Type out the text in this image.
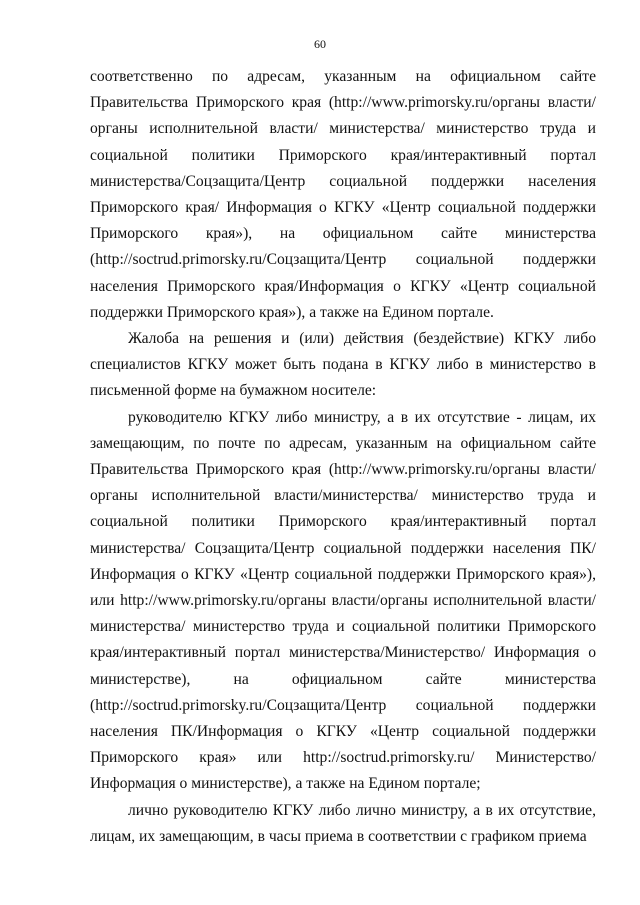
60

соответственно по адресам, указанным на официальном сайте Правительства Приморского края (http://www.primorsky.ru/органы власти/органы исполнительной власти/ министерства/ министерство труда и социальной политики Приморского края/интерактивный портал министерства/Соцзащита/Центр социальной поддержки населения Приморского края/ Информация о КГКУ «Центр социальной поддержки Приморского края»), на официальном сайте министерства (http://soctrud.primorsky.ru/Соцзащита/Центр социальной поддержки населения Приморского края/Информация о КГКУ «Центр социальной поддержки Приморского края»), а также на Едином портале.

Жалоба на решения и (или) действия (бездействие) КГКУ либо специалистов КГКУ может быть подана в КГКУ либо в министерство в письменной форме на бумажном носителе:

руководителю КГКУ либо министру, а в их отсутствие - лицам, их замещающим, по почте по адресам, указанным на официальном сайте Правительства Приморского края (http://www.primorsky.ru/органы власти/органы исполнительной власти/министерства/ министерство труда и социальной политики Приморского края/интерактивный портал министерства/ Соцзащита/Центр социальной поддержки населения ПК/Информация о КГКУ «Центр социальной поддержки Приморского края»), или http://www.primorsky.ru/органы власти/органы исполнительной власти/ министерства/ министерство труда и социальной политики Приморского края/интерактивный портал министерства/Министерство/ Информация о министерстве), на официальном сайте министерства (http://soctrud.primorsky.ru/Соцзащита/Центр социальной поддержки населения ПК/Информация о КГКУ «Центр социальной поддержки Приморского края» или http://soctrud.primorsky.ru/ Министерство/ Информация о министерстве), а также на Едином портале;

лично руководителю КГКУ либо лично министру, а в их отсутствие, лицам, их замещающим, в часы приема в соответствии с графиком приема
